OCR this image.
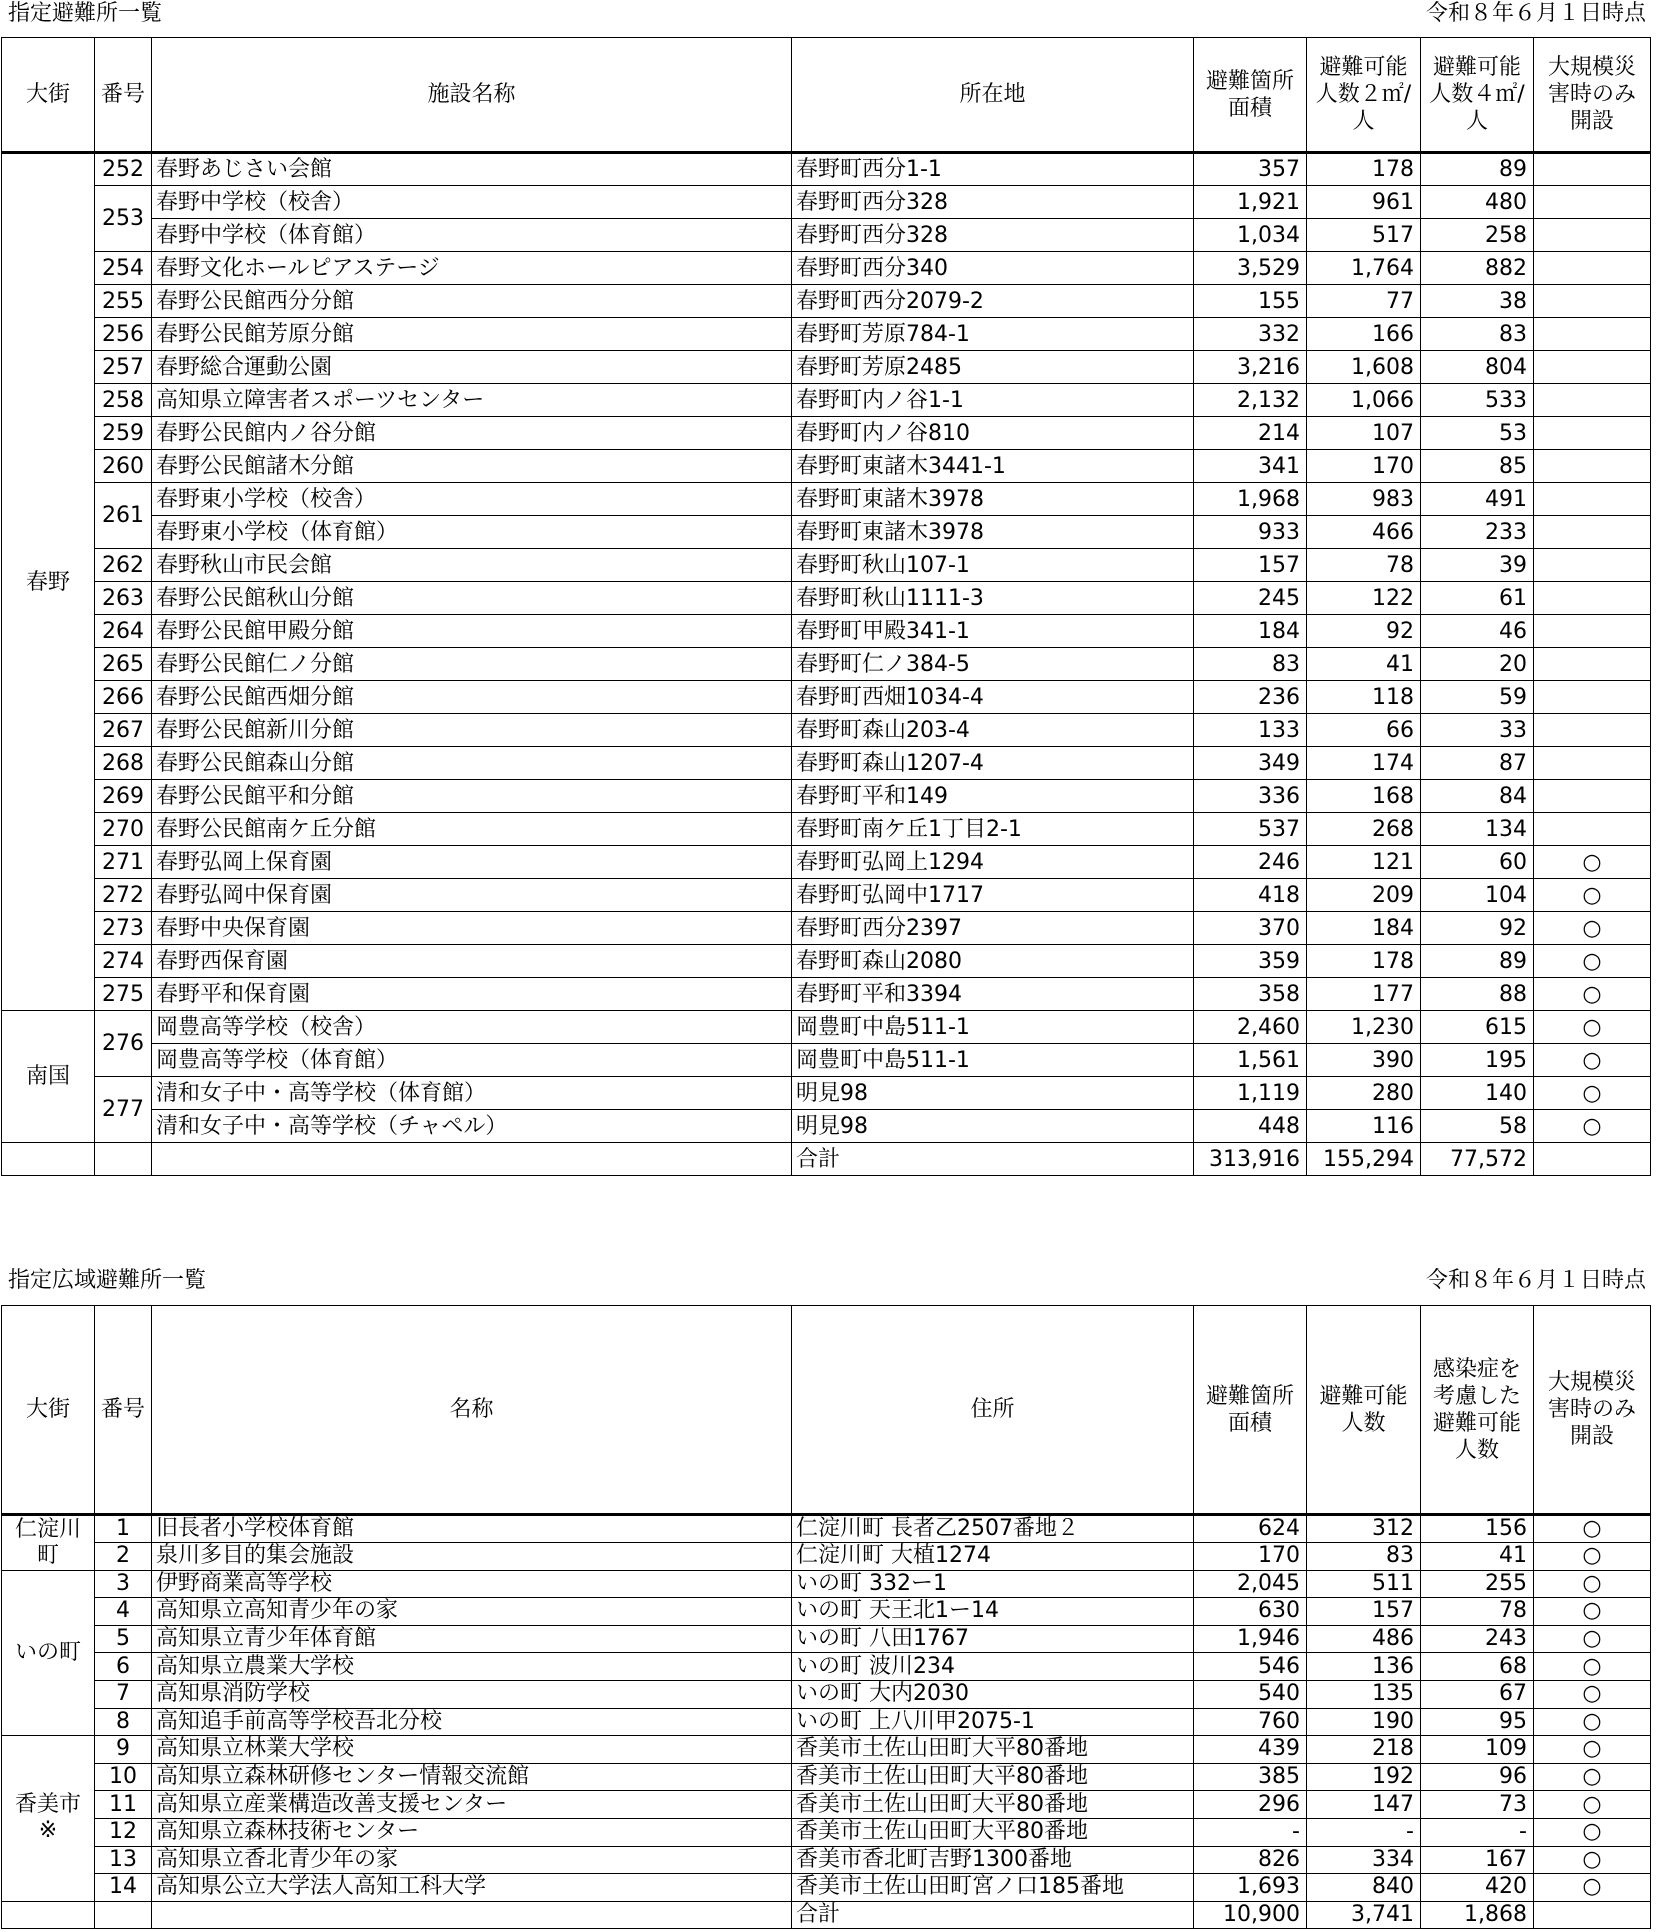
指定避難所一覧	令和８年６月１日時点
大街	番号	施設名称	所在地	避難箇所面積	避難可能人数２㎡/人	避難可能人数４㎡/人	大規模災害時のみ開設
春野	252	春野あじさい会館	春野町西分1-1	357	178	89	
	253	春野中学校（校舎）	春野町西分328	1,921	961	480	
		春野中学校（体育館）	春野町西分328	1,034	517	258	
	254	春野文化ホールピアステージ	春野町西分340	3,529	1,764	882	
	255	春野公民館西分分館	春野町西分2079-2	155	77	38	
	256	春野公民館芳原分館	春野町芳原784-1	332	166	83	
	257	春野総合運動公園	春野町芳原2485	3,216	1,608	804	
	258	高知県立障害者スポーツセンター	春野町内ノ谷1-1	2,132	1,066	533	
	259	春野公民館内ノ谷分館	春野町内ノ谷810	214	107	53	
	260	春野公民館諸木分館	春野町東諸木3441-1	341	170	85	
	261	春野東小学校（校舎）	春野町東諸木3978	1,968	983	491	
		春野東小学校（体育館）	春野町東諸木3978	933	466	233	
	262	春野秋山市民会館	春野町秋山107-1	157	78	39	
	263	春野公民館秋山分館	春野町秋山1111-3	245	122	61	
	264	春野公民館甲殿分館	春野町甲殿341-1	184	92	46	
	265	春野公民館仁ノ分館	春野町仁ノ384-5	83	41	20	
	266	春野公民館西畑分館	春野町西畑1034-4	236	118	59	
	267	春野公民館新川分館	春野町森山203-4	133	66	33	
	268	春野公民館森山分館	春野町森山1207-4	349	174	87	
	269	春野公民館平和分館	春野町平和149	336	168	84	
	270	春野公民館南ケ丘分館	春野町南ケ丘1丁目2-1	537	268	134	
	271	春野弘岡上保育園	春野町弘岡上1294	246	121	60	○
	272	春野弘岡中保育園	春野町弘岡中1717	418	209	104	○
	273	春野中央保育園	春野町西分2397	370	184	92	○
	274	春野西保育園	春野町森山2080	359	178	89	○
	275	春野平和保育園	春野町平和3394	358	177	88	○
南国	276	岡豊高等学校（校舎）	岡豊町中島511-1	2,460	1,230	615	○
		岡豊高等学校（体育館）	岡豊町中島511-1	1,561	390	195	○
	277	清和女子中・高等学校（体育館）	明見98	1,119	280	140	○
		清和女子中・高等学校（チャペル）	明見98	448	116	58	○
			合計	313,916	155,294	77,572	
指定広域避難所一覧	令和８年６月１日時点
大街	番号	名称	住所	避難箇所面積	避難可能人数	感染症を考慮した避難可能人数	大規模災害時のみ開設
仁淀川町	1	旧長者小学校体育館	仁淀川町 長者乙2507番地２	624	312	156	○
	2	泉川多目的集会施設	仁淀川町 大植1274	170	83	41	○
いの町	3	伊野商業高等学校	いの町 332ー1	2,045	511	255	○
	4	高知県立高知青少年の家	いの町 天王北1ー14	630	157	78	○
	5	高知県立青少年体育館	いの町 八田1767	1,946	486	243	○
	6	高知県立農業大学校	いの町 波川234	546	136	68	○
	7	高知県消防学校	いの町 大内2030	540	135	67	○
	8	高知追手前高等学校吾北分校	いの町 上八川甲2075-1	760	190	95	○
香美市※	9	高知県立林業大学校	香美市土佐山田町大平80番地	439	218	109	○
	10	高知県立森林研修センター情報交流館	香美市土佐山田町大平80番地	385	192	96	○
	11	高知県立産業構造改善支援センター	香美市土佐山田町大平80番地	296	147	73	○
	12	高知県立森林技術センター	香美市土佐山田町大平80番地	-	-	-	○
	13	高知県立香北青少年の家	香美市香北町吉野1300番地	826	334	167	○
	14	高知県公立大学法人高知工科大学	香美市土佐山田町宮ノ口185番地	1,693	840	420	○
			合計	10,900	3,741	1,868	
